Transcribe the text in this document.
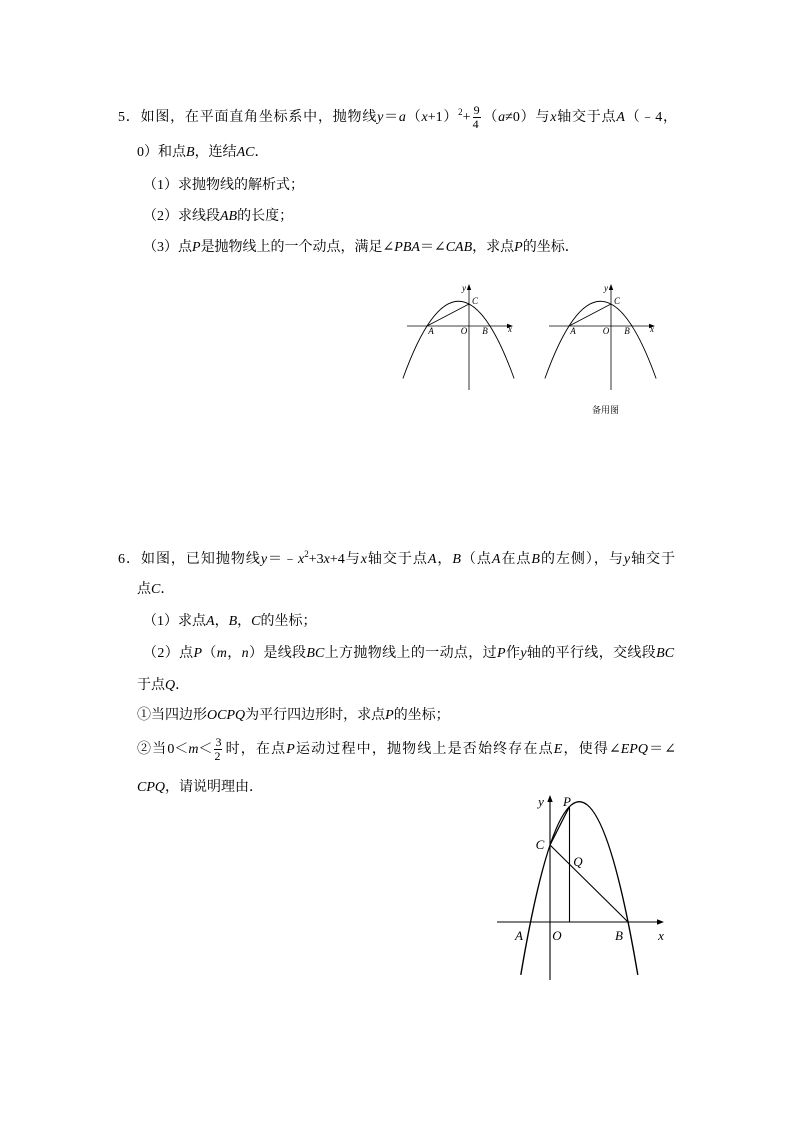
5．如图，在平面直角坐标系中，抛物线$y=a(x+1)^2+ \frac{9}{4} (a\ne 0)$与x轴交于点A（﹣4，
0）和点B，连结AC．
（1）求抛物线的解析式；
（2）求线段AB的长度；
（3）点P是抛物线上的一个动点，满足∠PBA＝∠CAB，求点P的坐标．
y
C
A	O B x
y
C
A	O B x
备用图
6．如图，已知抛物线$y=﹣x^2+3x+4$与x轴交于点A，B（点A在点B的左侧），与y轴交于
点C．
（1）求点A，B，C的坐标；
（2）点P（m，n）是线段BC上方抛物线上的一动点，过P作y轴的平行线，交线段BC
于点Q．
①当四边形OCPQ为平行四边形时，求点P的坐标；
②当$0<m< \frac{3}{2}$ 时，在点P运动过程中，抛物线上是否始终存在点E，使得∠EPQ＝∠
CPQ，请说明理由．
y P
C
Q
A O	B	x
